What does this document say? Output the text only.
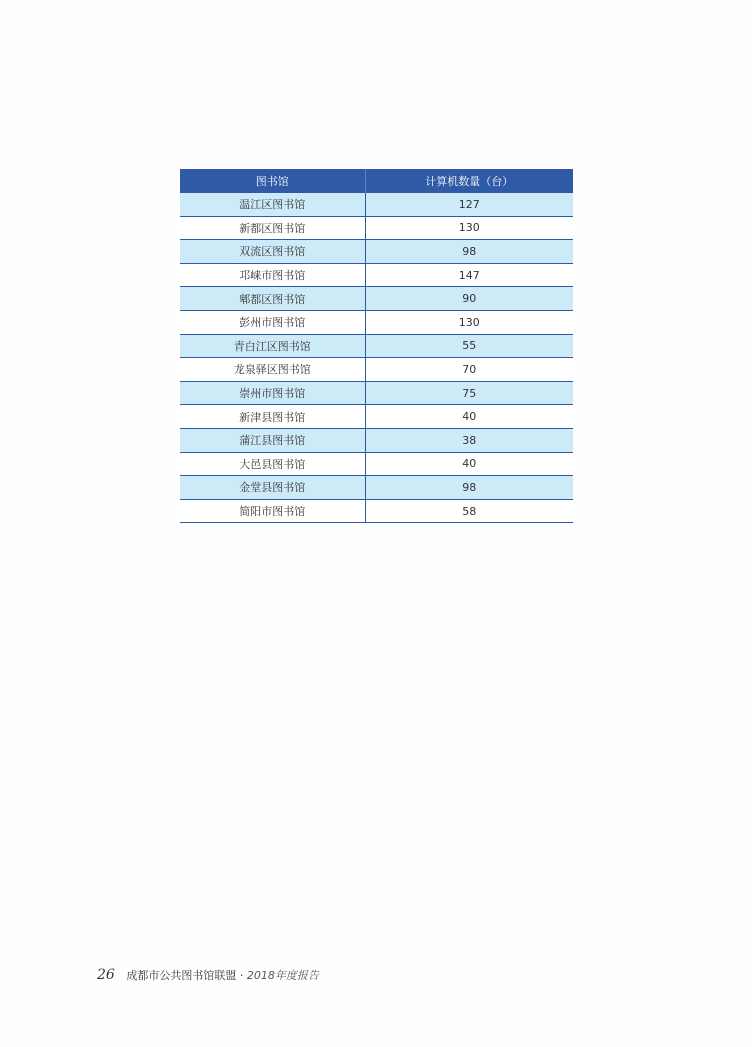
图书馆	计算机数量（台）
温江区图书馆	127
新都区图书馆	130
双流区图书馆	98
邛崃市图书馆	147
郫都区图书馆	90
彭州市图书馆	130
青白江区图书馆	55
龙泉驿区图书馆	70
崇州市图书馆	75
新津县图书馆	40
蒲江县图书馆	38
大邑县图书馆	40
金堂县图书馆	98
简阳市图书馆	58
26 成都市公共图书馆联盟 · 2018年度报告
